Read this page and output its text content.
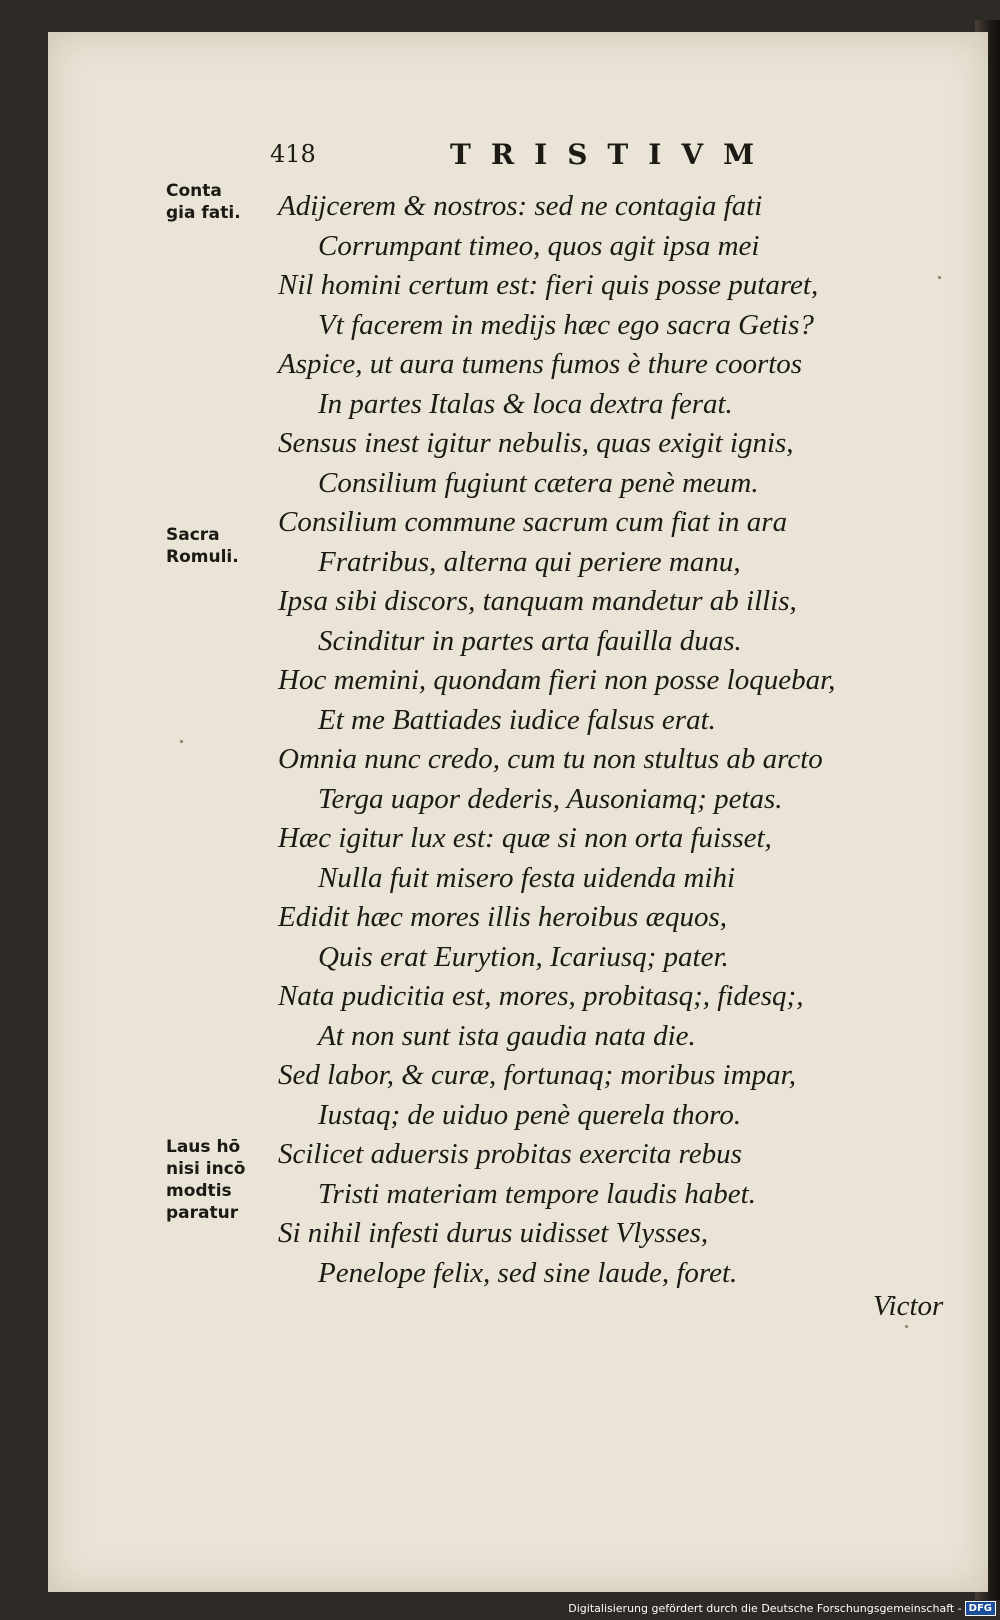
418	TRISTIVM
Conta
gia fati.
Sacra
Romuli.
Laus hō
nisi incō
modtis
paratur
Adijcerem & nostros: sed ne contagia fati
Corrumpant timeo, quos agit ipsa mei
Nil homini certum est: fieri quis posse putaret,
Vt facerem in medijs hæc ego sacra Getis?
Aspice, ut aura tumens fumos è thure coortos
In partes Italas & loca dextra ferat.
Sensus inest igitur nebulis, quas exigit ignis,
Consilium fugiunt cætera penè meum.
Consilium commune sacrum cum fiat in ara
Fratribus, alterna qui periere manu,
Ipsa sibi discors, tanquam mandetur ab illis,
Scinditur in partes arta fauilla duas.
Hoc memini, quondam fieri non posse loquebar,
Et me Battiades iudice falsus erat.
Omnia nunc credo, cum tu non stultus ab arcto
Terga uapor dederis, Ausoniamq; petas.
Hæc igitur lux est: quæ si non orta fuisset,
Nulla fuit misero festa uidenda mihi
Edidit hæc mores illis heroibus æquos,
Quis erat Eurytion, Icariusq; pater.
Nata pudicitia est, mores, probitasq;, fidesq;,
At non sunt ista gaudia nata die.
Sed labor, & curæ, fortunaq; moribus impar,
Iustaq; de uiduo penè querela thoro.
Scilicet aduersis probitas exercita rebus
Tristi materiam tempore laudis habet.
Si nihil infesti durus uidisset Vlysses,
Penelope felix, sed sine laude, foret.
Victor
Digitalisierung gefördert durch die Deutsche Forschungsgemeinschaft - DFG
